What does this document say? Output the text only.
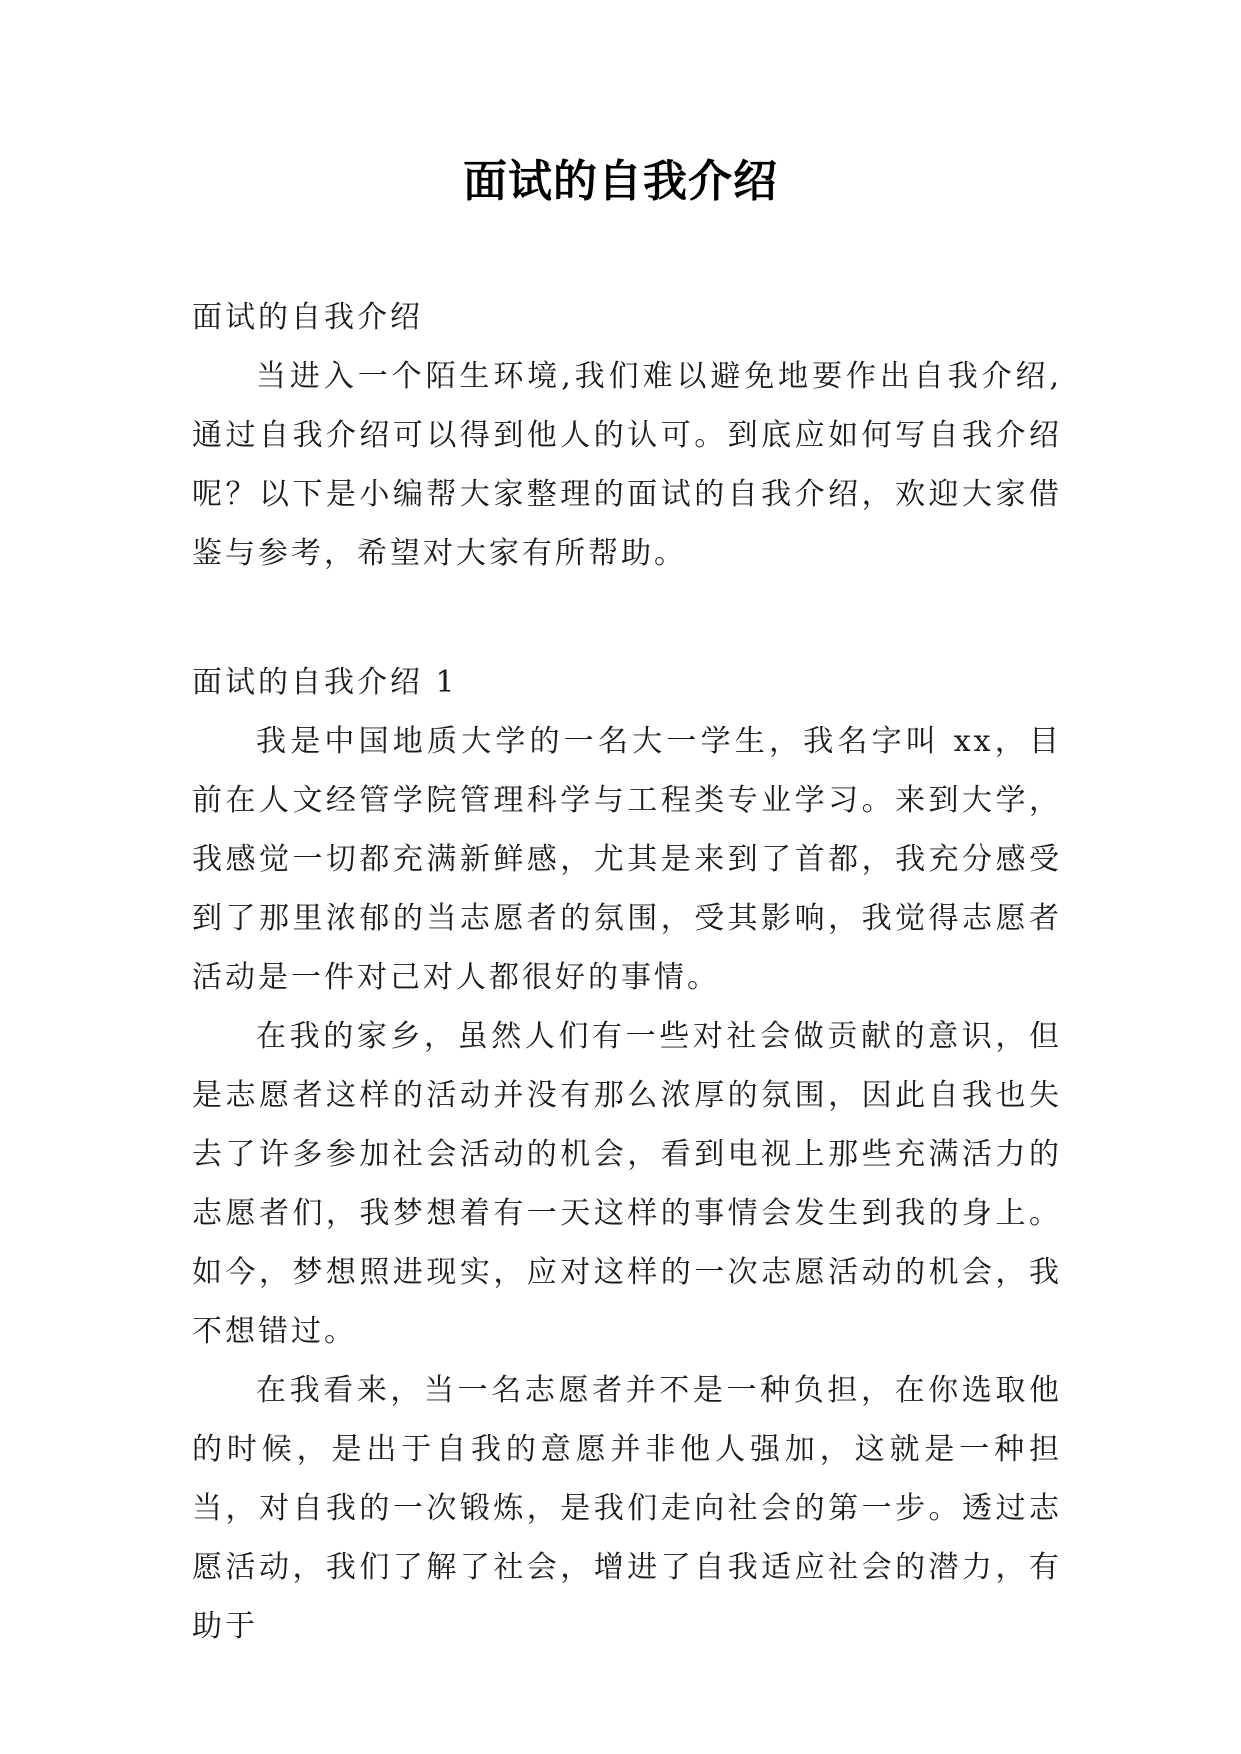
面试的自我介绍
面试的自我介绍

当进入一个陌生环境,我们难以避免地要作出自我介绍,通过自我介绍可以得到他人的认可。到底应如何写自我介绍呢？以下是小编帮大家整理的面试的自我介绍，欢迎大家借鉴与参考，希望对大家有所帮助。

面试的自我介绍 1

我是中国地质大学的一名大一学生，我名字叫 xx，目前在人文经管学院管理科学与工程类专业学习。来到大学，我感觉一切都充满新鲜感，尤其是来到了首都，我充分感受到了那里浓郁的当志愿者的氛围，受其影响，我觉得志愿者活动是一件对己对人都很好的事情。

在我的家乡，虽然人们有一些对社会做贡献的意识，但是志愿者这样的活动并没有那么浓厚的氛围，因此自我也失去了许多参加社会活动的机会，看到电视上那些充满活力的志愿者们，我梦想着有一天这样的事情会发生到我的身上。如今，梦想照进现实，应对这样的一次志愿活动的机会，我不想错过。

在我看来，当一名志愿者并不是一种负担，在你选取他的时候，是出于自我的意愿并非他人强加，这就是一种担当，对自我的一次锻炼，是我们走向社会的第一步。透过志愿活动，我们了解了社会，增进了自我适应社会的潜力，有助于
